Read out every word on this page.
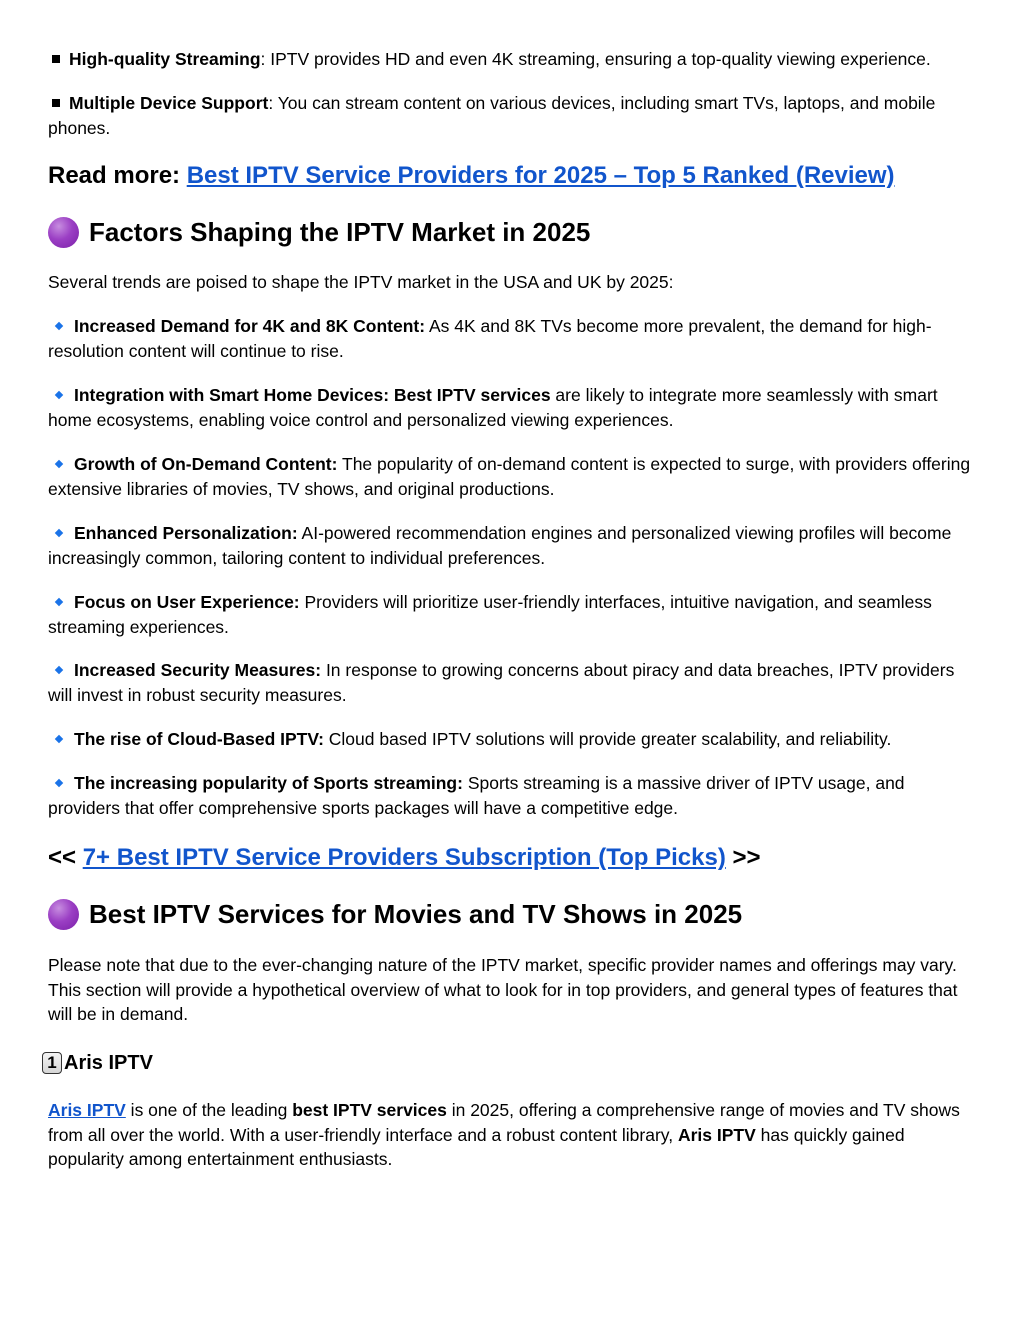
High-quality Streaming: IPTV provides HD and even 4K streaming, ensuring a top-quality viewing experience.

Multiple Device Support: You can stream content on various devices, including smart TVs, laptops, and mobile phones.

Read more: Best IPTV Service Providers for 2025 – Top 5 Ranked (Review)

Factors Shaping the IPTV Market in 2025

Several trends are poised to shape the IPTV market in the USA and UK by 2025:

Increased Demand for 4K and 8K Content: As 4K and 8K TVs become more prevalent, the demand for high-resolution content will continue to rise.

Integration with Smart Home Devices: Best IPTV services are likely to integrate more seamlessly with smart home ecosystems, enabling voice control and personalized viewing experiences.

Growth of On-Demand Content: The popularity of on-demand content is expected to surge, with providers offering extensive libraries of movies, TV shows, and original productions.

Enhanced Personalization: AI-powered recommendation engines and personalized viewing profiles will become increasingly common, tailoring content to individual preferences.

Focus on User Experience: Providers will prioritize user-friendly interfaces, intuitive navigation, and seamless streaming experiences.

Increased Security Measures: In response to growing concerns about piracy and data breaches, IPTV providers will invest in robust security measures.

The rise of Cloud-Based IPTV: Cloud based IPTV solutions will provide greater scalability, and reliability.

The increasing popularity of Sports streaming: Sports streaming is a massive driver of IPTV usage, and providers that offer comprehensive sports packages will have a competitive edge.

<< 7+ Best IPTV Service Providers Subscription (Top Picks) >>

Best IPTV Services for Movies and TV Shows in 2025

Please note that due to the ever-changing nature of the IPTV market, specific provider names and offerings may vary. This section will provide a hypothetical overview of what to look for in top providers, and general types of features that will be in demand.

1 Aris IPTV

Aris IPTV is one of the leading best IPTV services in 2025, offering a comprehensive range of movies and TV shows from all over the world. With a user-friendly interface and a robust content library, Aris IPTV has quickly gained popularity among entertainment enthusiasts.
